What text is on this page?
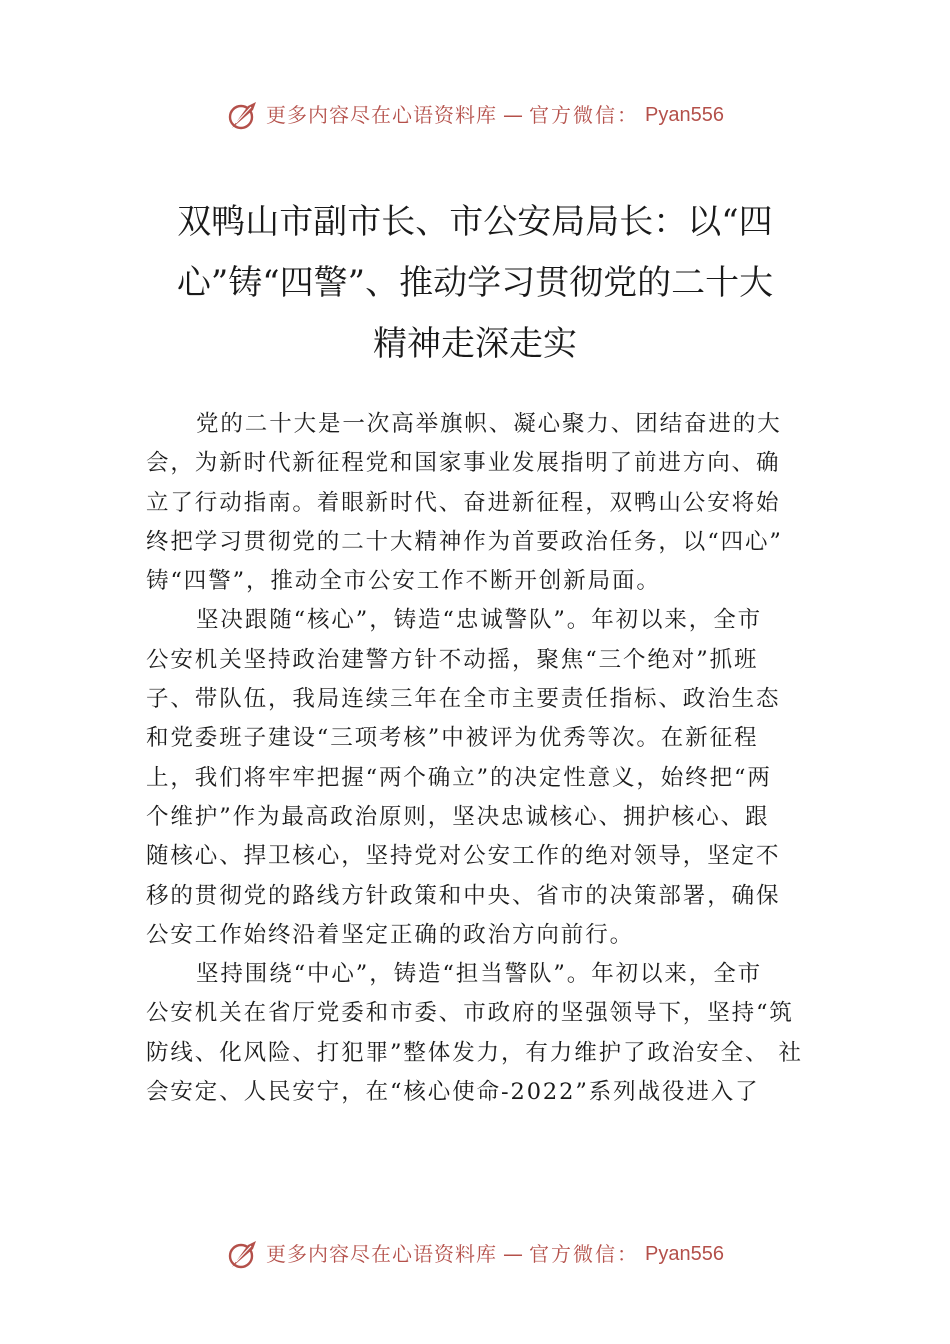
更多内容尽在心语资料库 — 官方微信： Pyan556
双鸭山市副市长、市公安局局长：以“四
心”铸“四警”、推动学习贯彻党的二十大
精神走深走实

党的二十大是一次高举旗帜、凝心聚力、团结奋进的大
会，为新时代新征程党和国家事业发展指明了前进方向、确
立了行动指南。着眼新时代、奋进新征程，双鸭山公安将始
终把学习贯彻党的二十大精神作为首要政治任务，以“四心”
铸“四警”，推动全市公安工作不断开创新局面。

坚决跟随“核心”，铸造“忠诚警队”。年初以来，全市
公安机关坚持政治建警方针不动摇，聚焦“三个绝对”抓班
子、带队伍，我局连续三年在全市主要责任指标、政治生态
和党委班子建设“三项考核”中被评为优秀等次。在新征程
上，我们将牢牢把握“两个确立”的决定性意义，始终把“两
个维护”作为最高政治原则，坚决忠诚核心、拥护核心、跟
随核心、捍卫核心，坚持党对公安工作的绝对领导，坚定不
移的贯彻党的路线方针政策和中央、省市的决策部署，确保
公安工作始终沿着坚定正确的政治方向前行。

坚持围绕“中心”，铸造“担当警队”。年初以来，全市
公安机关在省厅党委和市委、市政府的坚强领导下，坚持“筑
防线、化风险、打犯罪”整体发力，有力维护了政治安全、 社
会安定、人民安宁，在“核心使命-2022”系列战役进入了

更多内容尽在心语资料库 — 官方微信： Pyan556
